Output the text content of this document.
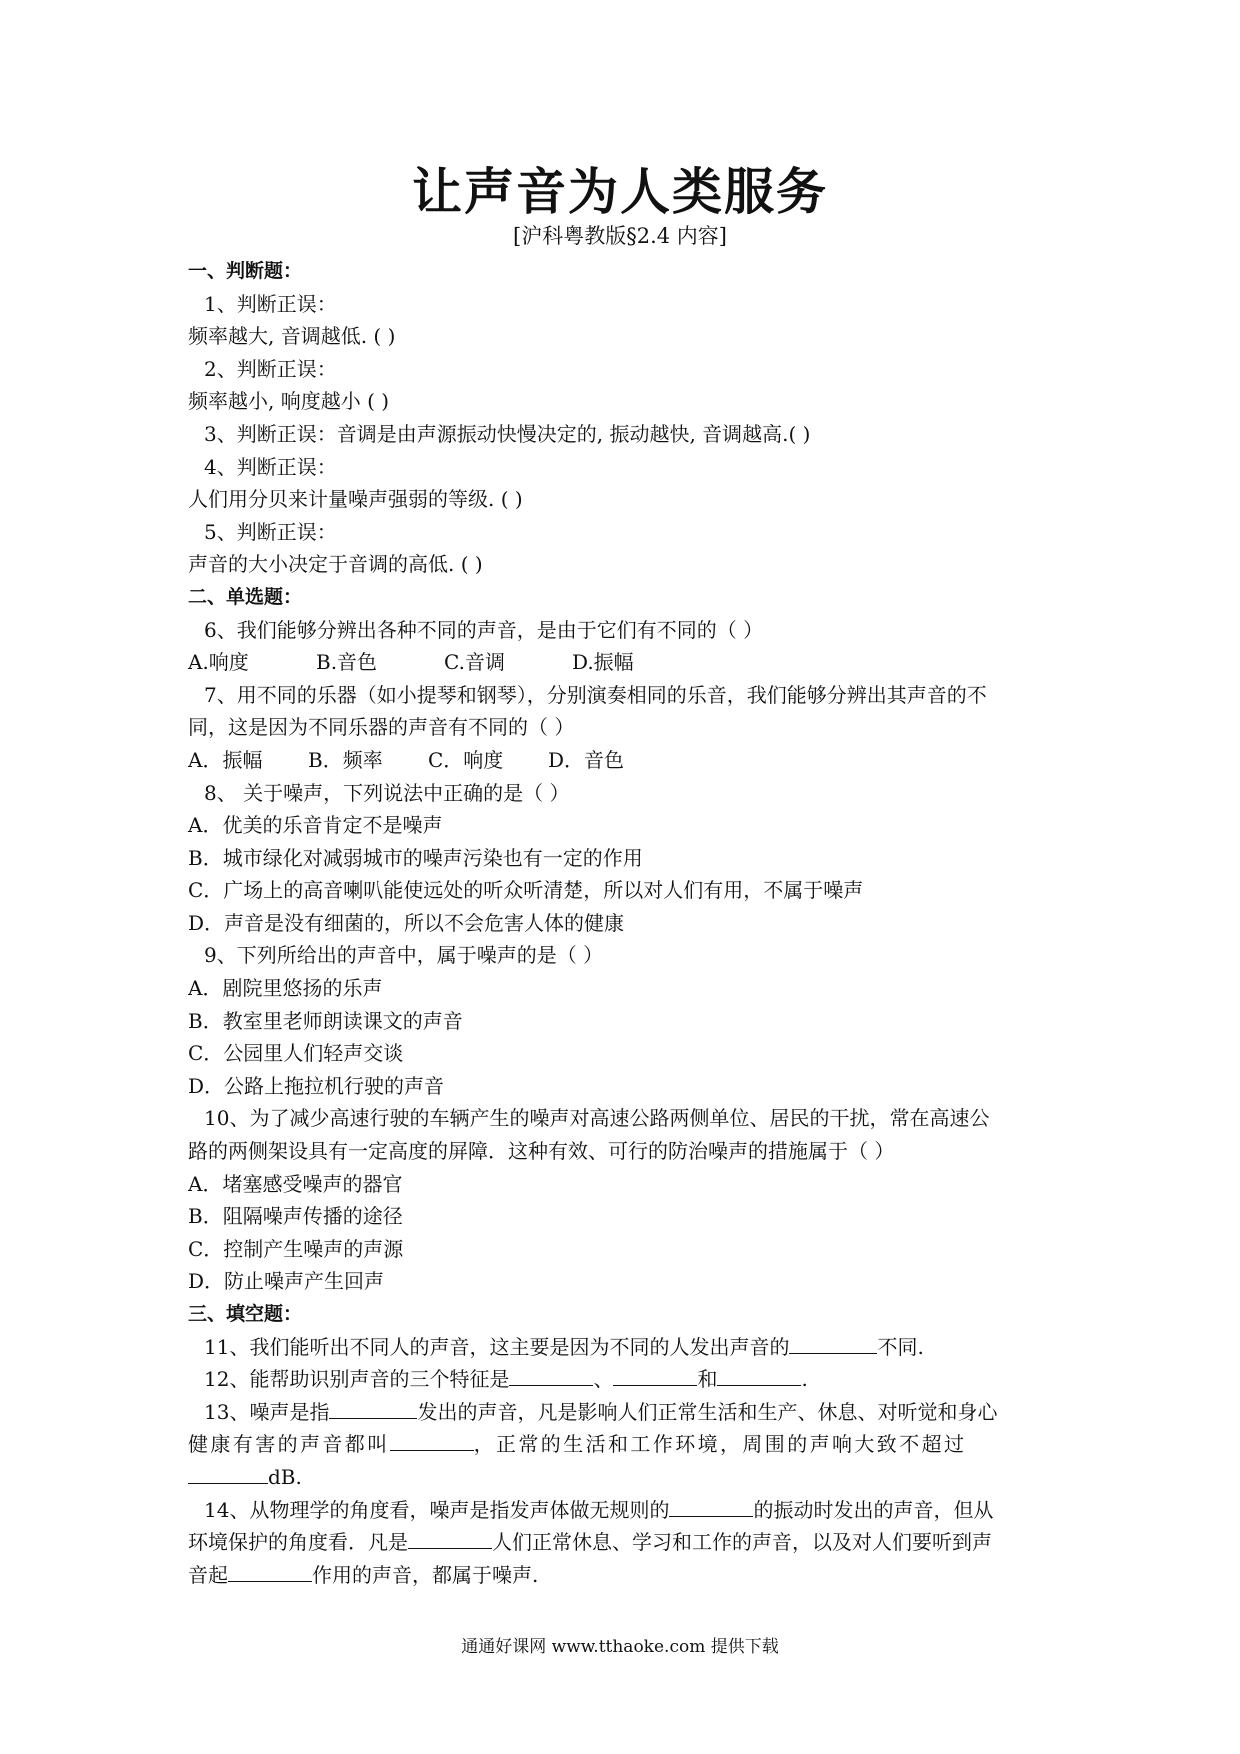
让声音为人类服务
[沪科粤教版§2.4 内容]
一、判断题：
1、判断正误：
频率越大, 音调越低. ( )
2、判断正误：
频率越小, 响度越小 ( )
3、判断正误：音调是由声源振动快慢决定的, 振动越快, 音调越高.( )
4、判断正误：
人们用分贝来计量噪声强弱的等级. ( )
5、判断正误：
声音的大小决定于音调的高低. ( )
二、单选题：
6、我们能够分辨出各种不同的声音，是由于它们有不同的（ ）
A.响度	B.音色	C.音调	D.振幅
7、用不同的乐器（如小提琴和钢琴），分别演奏相同的乐音，我们能够分辨出其声音的不
同，这是因为不同乐器的声音有不同的（ ）
A．振幅 B．频率 C．响度 D．音色
8、 关于噪声，下列说法中正确的是（ ）
A．优美的乐音肯定不是噪声
B．城市绿化对减弱城市的噪声污染也有一定的作用
C．广场上的高音喇叭能使远处的听众听清楚，所以对人们有用，不属于噪声
D．声音是没有细菌的，所以不会危害人体的健康
9、下列所给出的声音中，属于噪声的是（ ）
A．剧院里悠扬的乐声
B．教室里老师朗读课文的声音
C．公园里人们轻声交谈
D．公路上拖拉机行驶的声音
10、为了减少高速行驶的车辆产生的噪声对高速公路两侧单位、居民的干扰，常在高速公
路的两侧架设具有一定高度的屏障．这种有效、可行的防治噪声的措施属于（ ）
A．堵塞感受噪声的器官
B．阻隔噪声传播的途径
C．控制产生噪声的声源
D．防止噪声产生回声
三、填空题：
11、我们能听出不同人的声音，这主要是因为不同的人发出声音的	不同.
12、能帮助识别声音的三个特征是	、	和	.
13、噪声是指	发出的声音，凡是影响人们正常生活和生产、休息、对听觉和身心
健康有害的声音都叫	，正常的生活和工作环境，周围的声响大致不超过
dB.
14、从物理学的角度看，噪声是指发声体做无规则的	的振动时发出的声音，但从
环境保护的角度看．凡是	人们正常休息、学习和工作的声音，以及对人们要听到声
音起	作用的声音，都属于噪声.
通通好课网 www.tthaoke.com 提供下载
